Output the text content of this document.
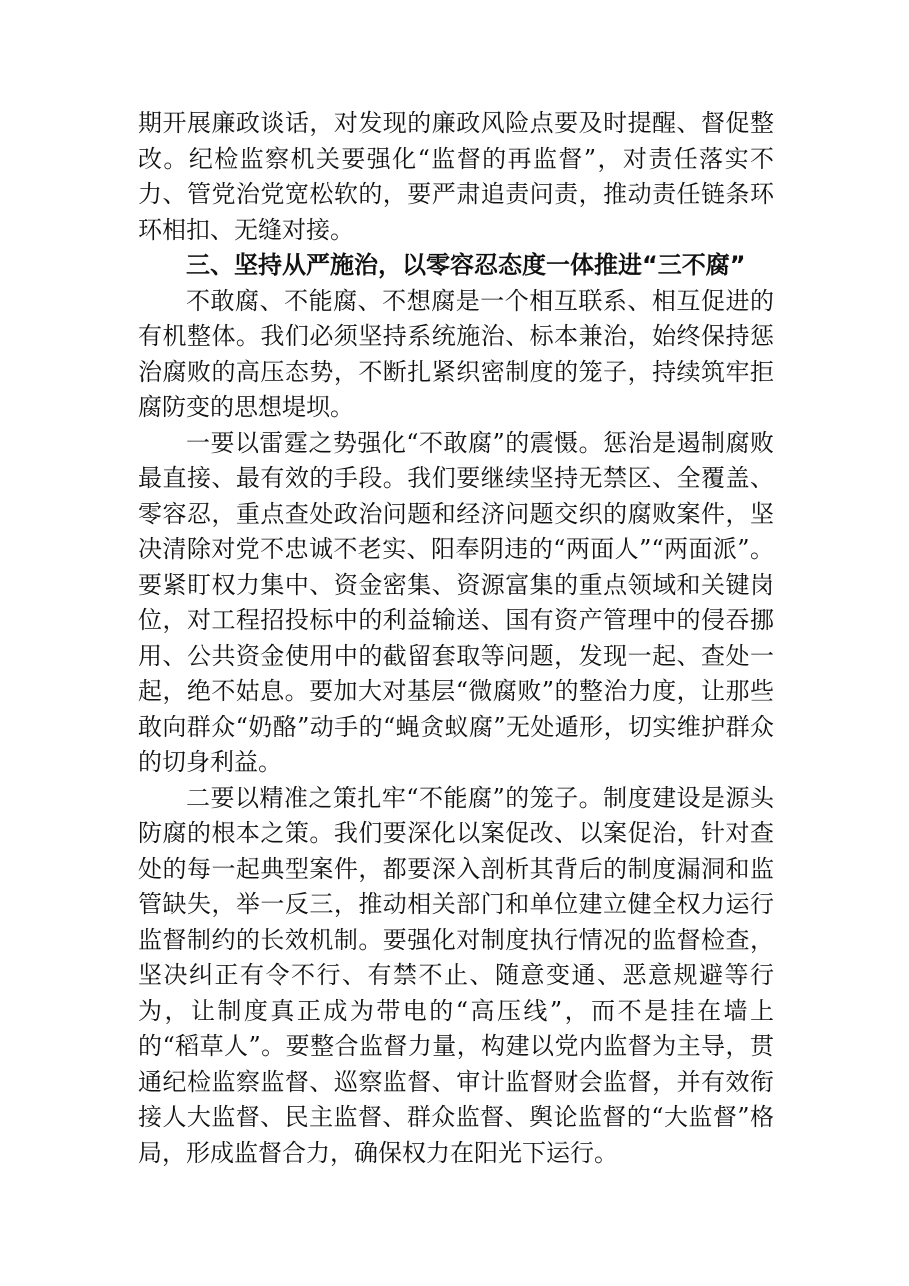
期开展廉政谈话，对发现的廉政风险点要及时提醒、督促整改。纪检监察机关要强化“监督的再监督”，对责任落实不力、管党治党宽松软的，要严肃追责问责，推动责任链条环环相扣、无缝对接。

三、坚持从严施治，以零容忍态度一体推进“三不腐”

不敢腐、不能腐、不想腐是一个相互联系、相互促进的有机整体。我们必须坚持系统施治、标本兼治，始终保持惩治腐败的高压态势，不断扎紧织密制度的笼子，持续筑牢拒腐防变的思想堤坝。

一要以雷霆之势强化“不敢腐”的震慑。惩治是遏制腐败最直接、最有效的手段。我们要继续坚持无禁区、全覆盖、零容忍，重点查处政治问题和经济问题交织的腐败案件，坚决清除对党不忠诚不老实、阳奉阴违的“两面人”“两面派”。要紧盯权力集中、资金密集、资源富集的重点领域和关键岗位，对工程招投标中的利益输送、国有资产管理中的侵吞挪用、公共资金使用中的截留套取等问题，发现一起、查处一起，绝不姑息。要加大对基层“微腐败”的整治力度，让那些敢向群众“奶酪”动手的“蝇贪蚁腐”无处遁形，切实维护群众的切身利益。

二要以精准之策扎牢“不能腐”的笼子。制度建设是源头防腐的根本之策。我们要深化以案促改、以案促治，针对查处的每一起典型案件，都要深入剖析其背后的制度漏洞和监管缺失，举一反三，推动相关部门和单位建立健全权力运行监督制约的长效机制。要强化对制度执行情况的监督检查，坚决纠正有令不行、有禁不止、随意变通、恶意规避等行为，让制度真正成为带电的“高压线”，而不是挂在墙上的“稻草人”。要整合监督力量，构建以党内监督为主导，贯通纪检监察监督、巡察监督、审计监督财会监督，并有效衔接人大监督、民主监督、群众监督、舆论监督的“大监督”格局，形成监督合力，确保权力在阳光下运行。
